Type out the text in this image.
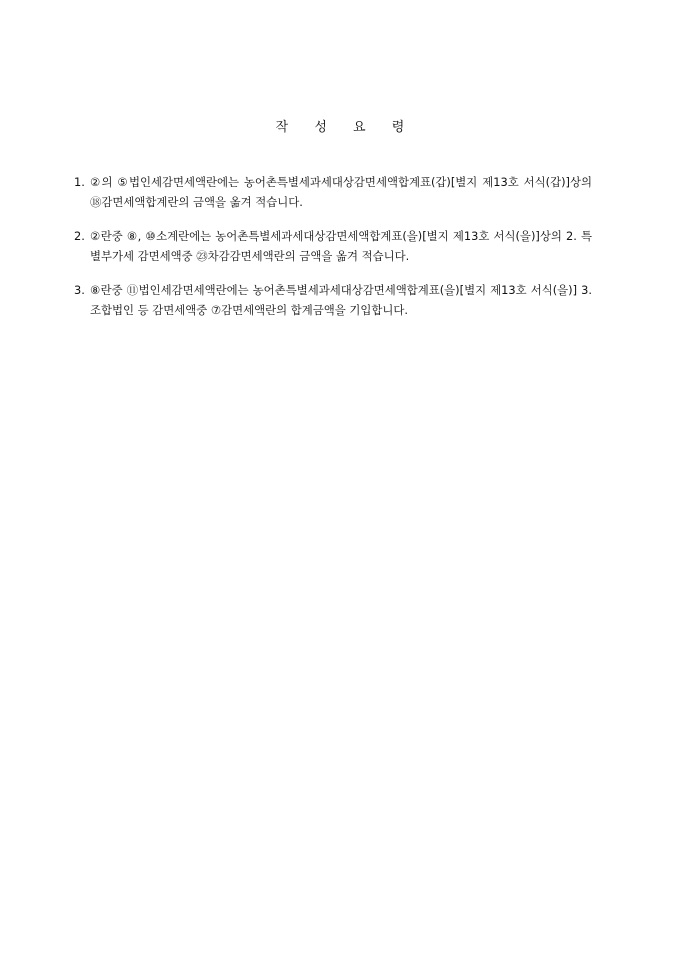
작 성 요 령
1. ②의 ⑤법인세감면세액란에는 농어촌특별세과세대상감면세액합계표(갑)[별지 제13호 서식(갑)]상의 ⑱감면세액합계란의 금액을 옮겨 적습니다.
2. ②란중 ⑧, ⑩소계란에는 농어촌특별세과세대상감면세액합계표(을)[별지 제13호 서식(을)]상의 2. 특별부가세 감면세액중 ㉓차감감면세액란의 금액을 옮겨 적습니다.
3. ⑧란중 ⑪법인세감면세액란에는 농어촌특별세과세대상감면세액합계표(을)[별지 제13호 서식(을)] 3. 조합법인 등 감면세액중 ⑦감면세액란의 합계금액을 기입합니다.
